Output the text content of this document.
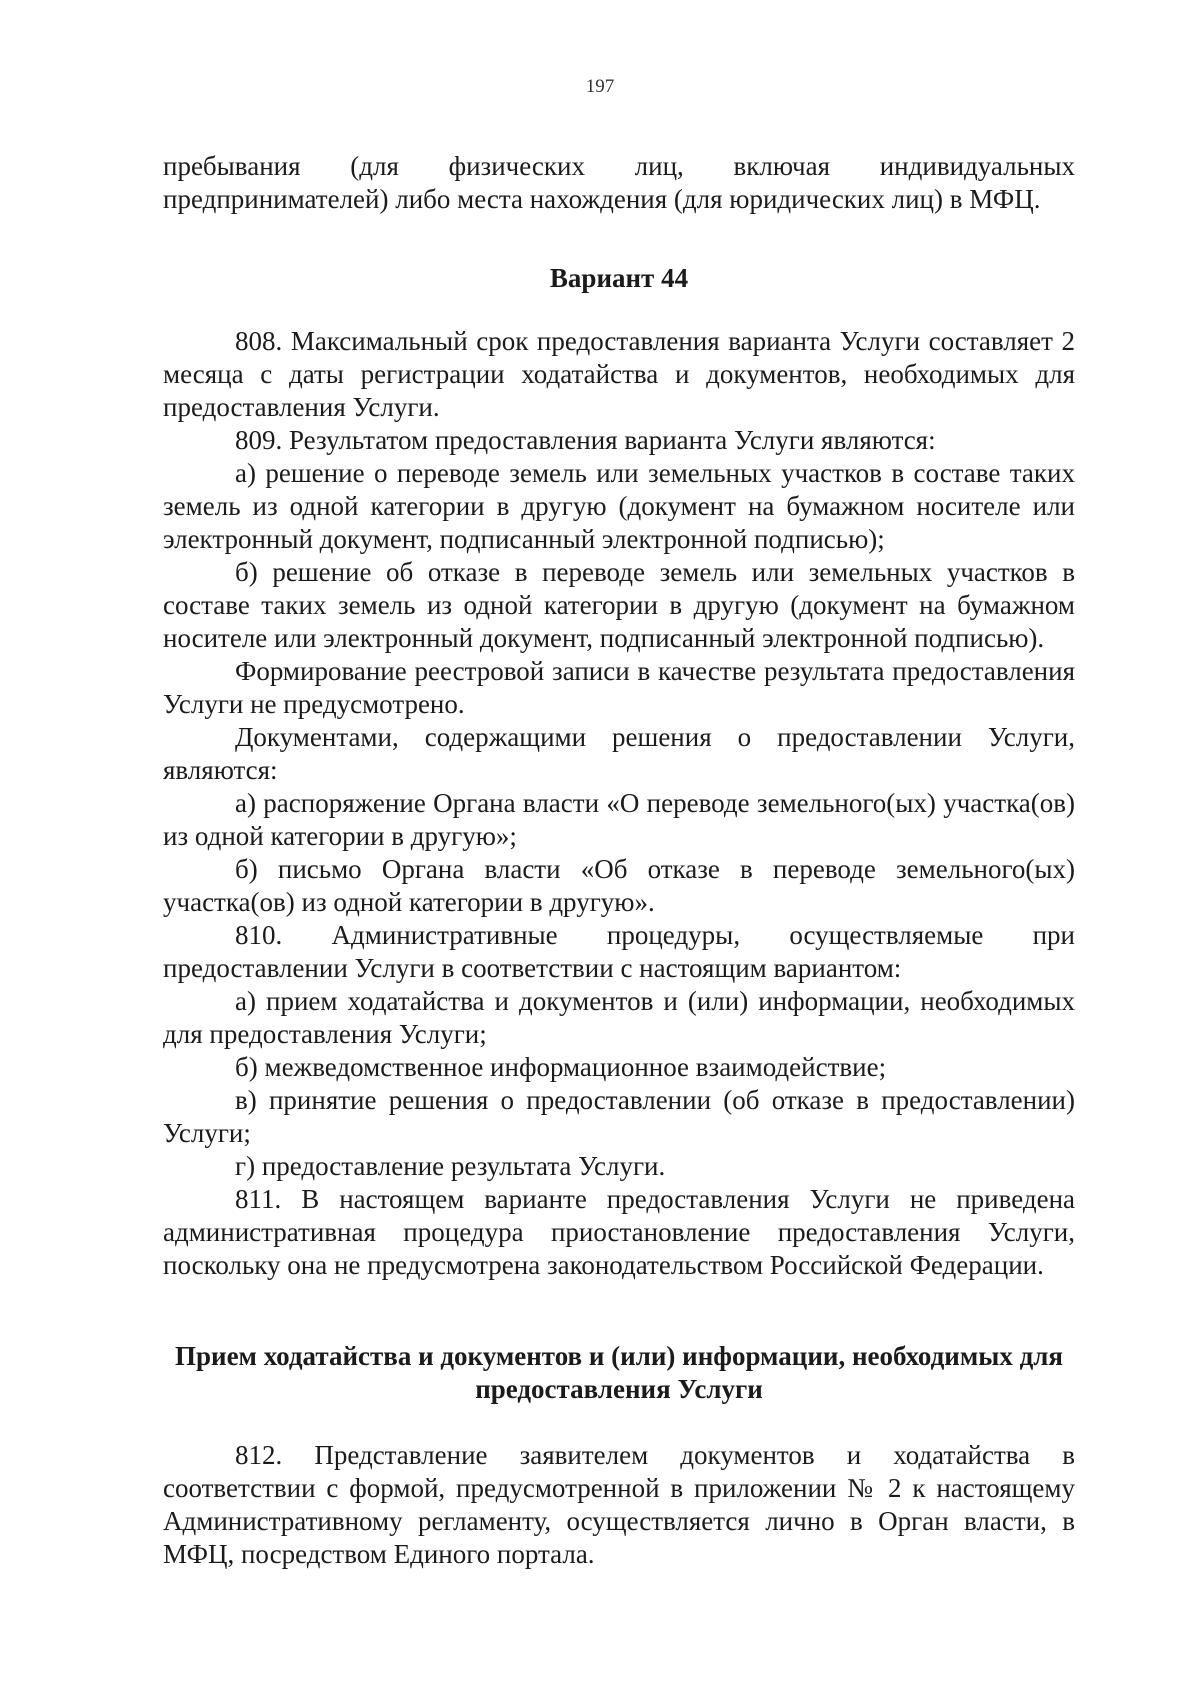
197

пребывания (для физических лиц, включая индивидуальных предпринимателей) либо места нахождения (для юридических лиц) в МФЦ.

Вариант 44

808. Максимальный срок предоставления варианта Услуги составляет 2 месяца с даты регистрации ходатайства и документов, необходимых для предоставления Услуги.

809. Результатом предоставления варианта Услуги являются:

а) решение о переводе земель или земельных участков в составе таких земель из одной категории в другую (документ на бумажном носителе или электронный документ, подписанный электронной подписью);

б) решение об отказе в переводе земель или земельных участков в составе таких земель из одной категории в другую (документ на бумажном носителе или электронный документ, подписанный электронной подписью).

Формирование реестровой записи в качестве результата предоставления Услуги не предусмотрено.

Документами, содержащими решения о предоставлении Услуги, являются:

а) распоряжение Органа власти «О переводе земельного(ых) участка(ов) из одной категории в другую»;

б) письмо Органа власти «Об отказе в переводе земельного(ых) участка(ов) из одной категории в другую».

810. Административные процедуры, осуществляемые при предоставлении Услуги в соответствии с настоящим вариантом:

а) прием ходатайства и документов и (или) информации, необходимых для предоставления Услуги;

б) межведомственное информационное взаимодействие;

в) принятие решения о предоставлении (об отказе в предоставлении) Услуги;

г) предоставление результата Услуги.

811. В настоящем варианте предоставления Услуги не приведена административная процедура приостановление предоставления Услуги, поскольку она не предусмотрена законодательством Российской Федерации.

Прием ходатайства и документов и (или) информации, необходимых для предоставления Услуги

812. Представление заявителем документов и ходатайства в соответствии с формой, предусмотренной в приложении № 2 к настоящему Административному регламенту, осуществляется лично в Орган власти, в МФЦ, посредством Единого портала.
